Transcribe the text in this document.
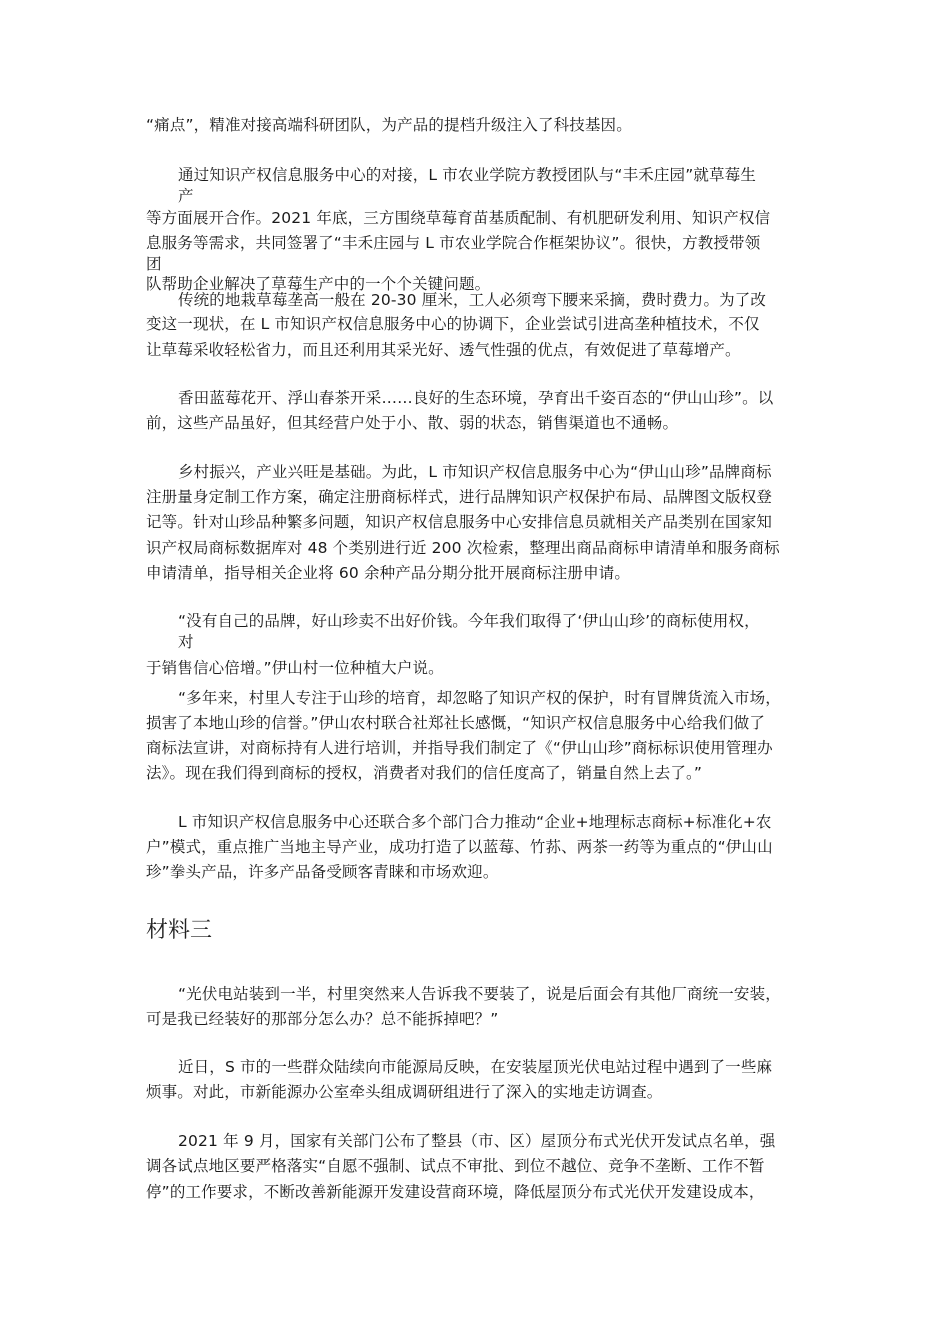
“痛点”，精准对接高端科研团队，为产品的提档升级注入了科技基因。
通过知识产权信息服务中心的对接，L 市农业学院方教授团队与“丰禾庄园”就草莓生
产
等方面展开合作。2021 年底，三方围绕草莓育苗基质配制、有机肥研发利用、知识产权信
息服务等需求，共同签署了“丰禾庄园与 L 市农业学院合作框架协议”。很快，方教授带领
团
队帮助企业解决了草莓生产中的一个个关键问题。
传统的地栽草莓垄高一般在 20-30 厘米，工人必须弯下腰来采摘，费时费力。为了改
变这一现状，在 L 市知识产权信息服务中心的协调下，企业尝试引进高垄种植技术，不仅
让草莓采收轻松省力，而且还利用其采光好、透气性强的优点，有效促进了草莓增产。
香田蓝莓花开、浮山春茶开采……良好的生态环境，孕育出千姿百态的“伊山山珍”。以
前，这些产品虽好，但其经营户处于小、散、弱的状态，销售渠道也不通畅。
乡村振兴，产业兴旺是基础。为此，L 市知识产权信息服务中心为“伊山山珍”品牌商标
注册量身定制工作方案，确定注册商标样式，进行品牌知识产权保护布局、品牌图文版权登
记等。针对山珍品种繁多问题，知识产权信息服务中心安排信息员就相关产品类别在国家知
识产权局商标数据库对 48 个类别进行近 200 次检索，整理出商品商标申请清单和服务商标
申请清单，指导相关企业将 60 余种产品分期分批开展商标注册申请。
“没有自己的品牌，好山珍卖不出好价钱。今年我们取得了‘伊山山珍’的商标使用权，
对
于销售信心倍增。”伊山村一位种植大户说。
“多年来，村里人专注于山珍的培育，却忽略了知识产权的保护，时有冒牌货流入市场，
损害了本地山珍的信誉。”伊山农村联合社郑社长感慨，“知识产权信息服务中心给我们做了
商标法宣讲，对商标持有人进行培训，并指导我们制定了《“伊山山珍”商标标识使用管理办
法》。现在我们得到商标的授权，消费者对我们的信任度高了，销量自然上去了。”
L 市知识产权信息服务中心还联合多个部门合力推动“企业+地理标志商标+标准化+农
户”模式，重点推广当地主导产业，成功打造了以蓝莓、竹荪、两茶一药等为重点的“伊山山
珍”拳头产品，许多产品备受顾客青睐和市场欢迎。
材料三
“光伏电站装到一半，村里突然来人告诉我不要装了，说是后面会有其他厂商统一安装，
可是我已经装好的那部分怎么办？总不能拆掉吧？”
近日，S 市的一些群众陆续向市能源局反映，在安装屋顶光伏电站过程中遇到了一些麻
烦事。对此，市新能源办公室牵头组成调研组进行了深入的实地走访调查。
2021 年 9 月，国家有关部门公布了整县（市、区）屋顶分布式光伏开发试点名单，强
调各试点地区要严格落实“自愿不强制、试点不审批、到位不越位、竞争不垄断、工作不暂
停”的工作要求，不断改善新能源开发建设营商环境，降低屋顶分布式光伏开发建设成本，
